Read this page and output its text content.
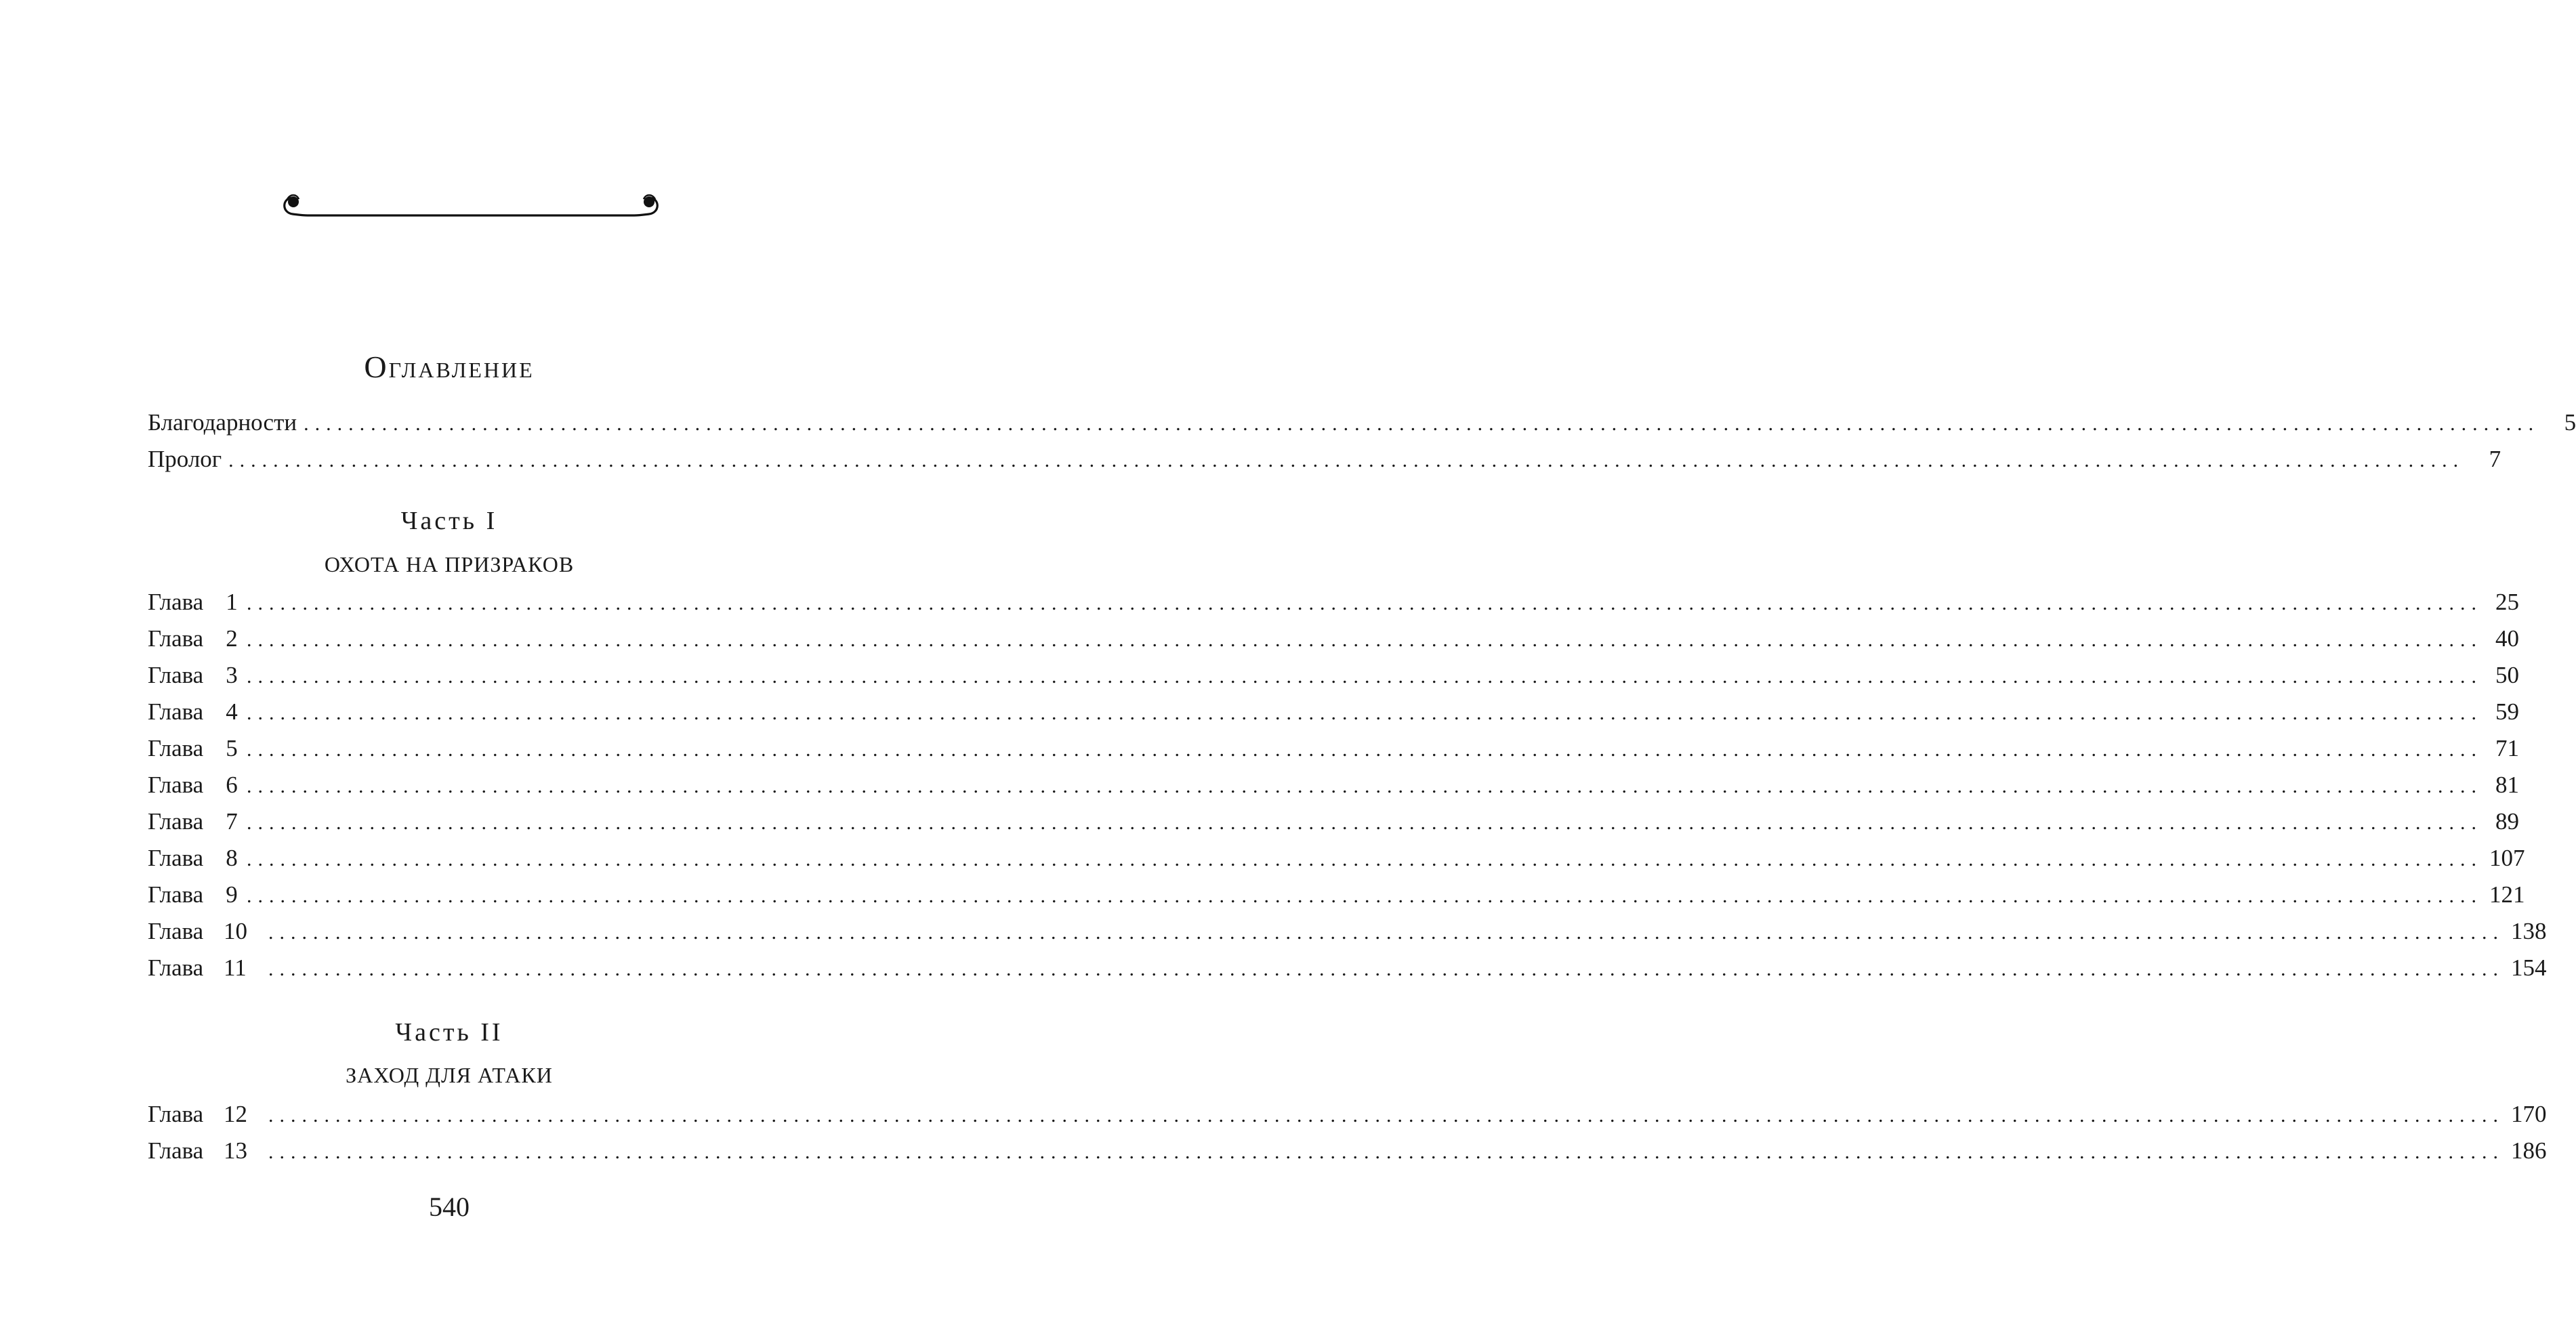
Оглавление
Благодарности ........................................................................................................................................................................................................	5
Пролог ........................................................................................................................................................................................................	7
Часть I
ОХОТА НА ПРИЗРАКОВ
Глава 1 ........................................................................................................................................................................................................ 25
Глава 2 ........................................................................................................................................................................................................ 40
Глава 3 ........................................................................................................................................................................................................ 50
Глава 4 ........................................................................................................................................................................................................ 59
Глава 5 ........................................................................................................................................................................................................ 71
Глава 6 ........................................................................................................................................................................................................ 81
Глава 7 ........................................................................................................................................................................................................ 89
Глава 8 ........................................................................................................................................................................................................ 107
Глава 9 ........................................................................................................................................................................................................ 121
Глава 10	........................................................................................................................................................................................................ 138
Глава 11	........................................................................................................................................................................................................ 154
Часть II
ЗАХОД ДЛЯ АТАКИ
Глава 12	........................................................................................................................................................................................................ 170
Глава 13	........................................................................................................................................................................................................ 186
540
